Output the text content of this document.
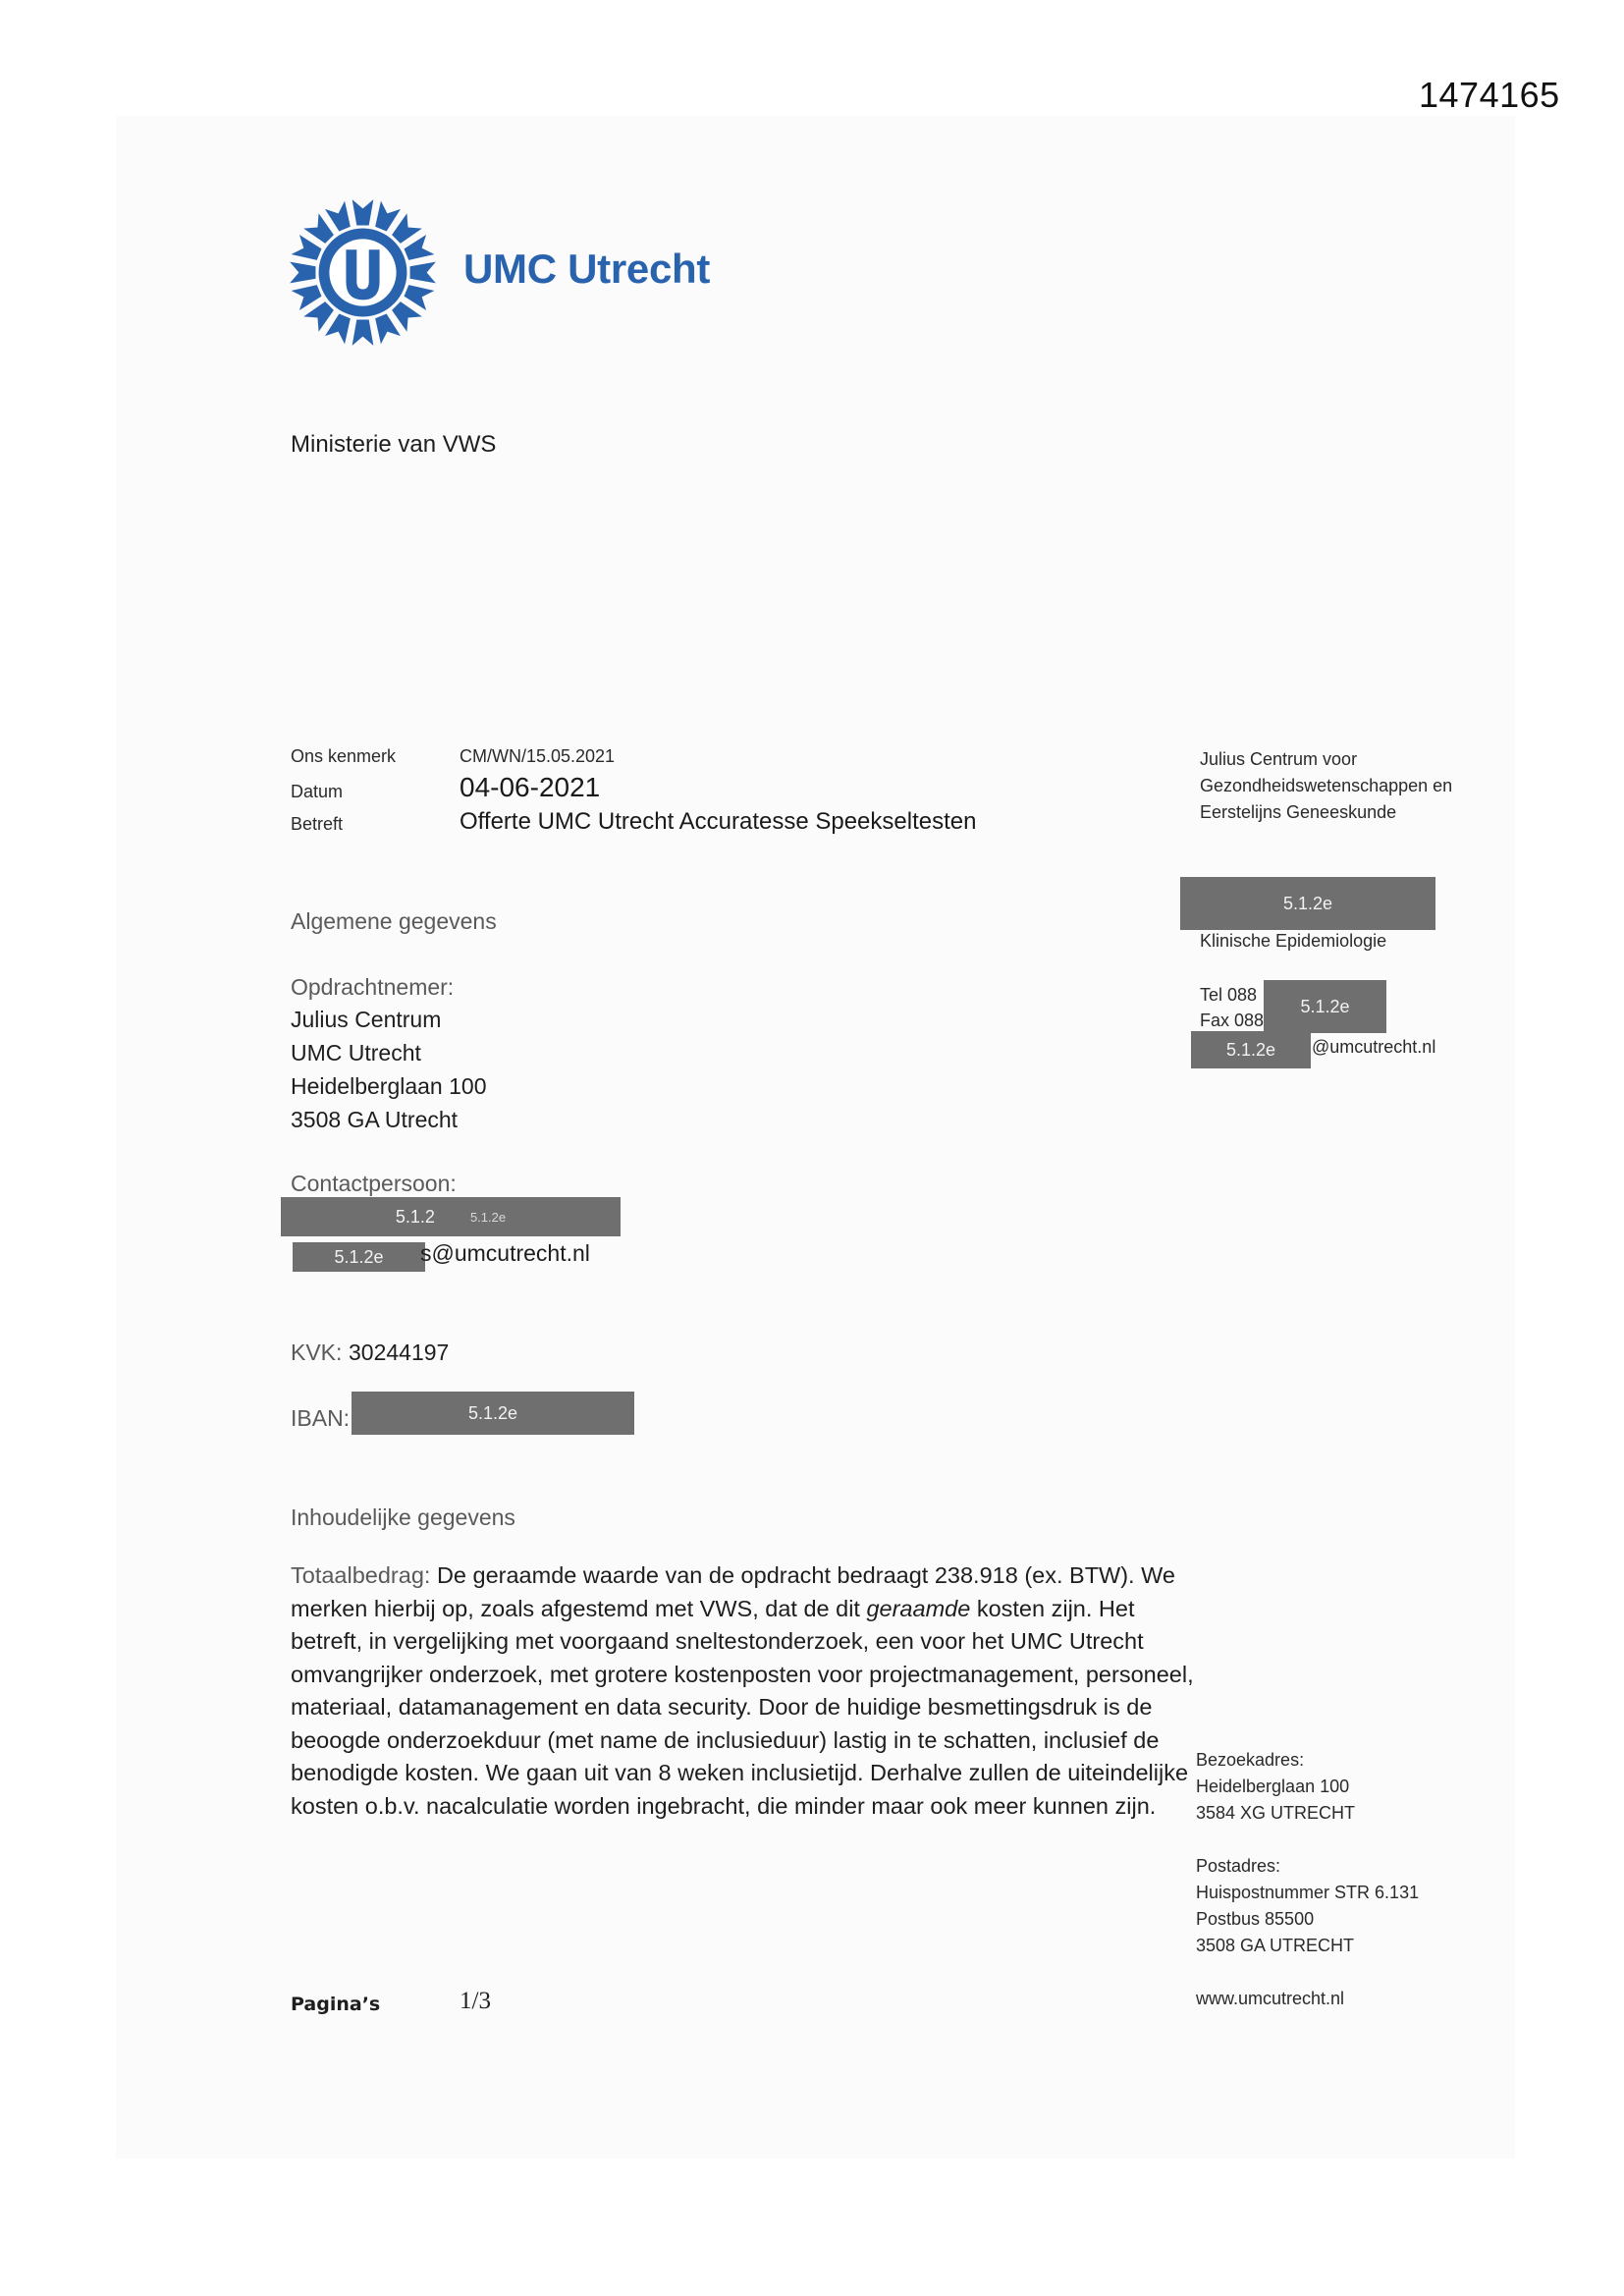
1474165
UMC Utrecht
Ministerie van VWS
Ons kenmerk	CM/WN/15.05.2021
Datum	04-06-2021
Betreft	Offerte UMC Utrecht Accuratesse Speekseltesten
Julius Centrum voor
Gezondheidswetenschappen en
Eerstelijns Geneeskunde
5.1.2e
Klinische Epidemiologie
Tel 088
Fax 088
5.1.2e
5.1.2e @umcutrecht.nl
Algemene gegevens
Opdrachtnemer:
Julius Centrum
UMC Utrecht
Heidelberglaan 100
3508 GA Utrecht
Contactpersoon:
5.1.2	5.1.2e
5.1.2e s@umcutrecht.nl
KVK: 30244197
IBAN:	5.1.2e
Inhoudelijke gegevens
Totaalbedrag: De geraamde waarde van de opdracht bedraagt 238.918 (ex. BTW). We merken hierbij op, zoals afgestemd met VWS, dat de dit geraamde kosten zijn. Het betreft, in vergelijking met voorgaand sneltestonderzoek, een voor het UMC Utrecht omvangrijker onderzoek, met grotere kostenposten voor projectmanagement, personeel, materiaal, datamanagement en data security. Door de huidige besmettingsdruk is de beoogde onderzoekduur (met name de inclusieduur) lastig in te schatten, inclusief de benodigde kosten. We gaan uit van 8 weken inclusietijd. Derhalve zullen de uiteindelijke kosten o.b.v. nacalculatie worden ingebracht, die minder maar ook meer kunnen zijn.
Bezoekadres:
Heidelberglaan 100
3584 XG UTRECHT
Postadres:
Huispostnummer STR 6.131
Postbus 85500
3508 GA UTRECHT
www.umcutrecht.nl
Pagina’s	1/3
